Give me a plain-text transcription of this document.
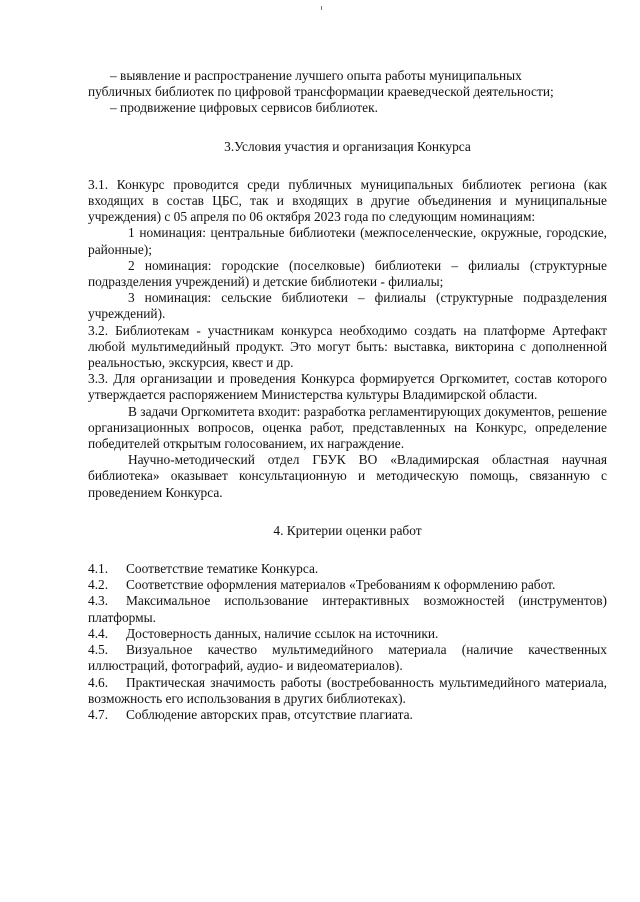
– выявление и распространение лучшего опыта работы муниципальных

публичных библиотек по цифровой трансформации краеведческой деятельности;

– продвижение цифровых сервисов библиотек.

3.Условия участия и организация Конкурса

3.1. Конкурс проводится среди публичных муниципальных библиотек региона (как входящих в состав ЦБС, так и входящих в другие объединения и муниципальные учреждения) с 05 апреля по 06 октября 2023 года по следующим номинациям:

1 номинация: центральные библиотеки (межпоселенческие, окружные, городские, районные);

2 номинация: городские (поселковые) библиотеки – филиалы (структурные подразделения учреждений) и детские библиотеки - филиалы;

3 номинация: сельские библиотеки – филиалы (структурные подразделения учреждений).

3.2. Библиотекам - участникам конкурса необходимо создать на платформе Артефакт любой мультимедийный продукт. Это могут быть: выставка, викторина с дополненной реальностью, экскурсия, квест и др.

3.3. Для организации и проведения Конкурса формируется Оргкомитет, состав которого утверждается распоряжением Министерства культуры Владимирской области.

В задачи Оргкомитета входит: разработка регламентирующих документов, решение организационных вопросов, оценка работ, представленных на Конкурс, определение победителей открытым голосованием, их награждение.

Научно-методический отдел ГБУК ВО «Владимирская областная научная библиотека» оказывает консультационную и методическую помощь, связанную с проведением Конкурса.

4. Критерии оценки работ

4.1. Соответствие тематике Конкурса.

4.2. Соответствие оформления материалов «Требованиям к оформлению работ.

4.3. Максимальное использование интерактивных возможностей (инструментов) платформы.

4.4. Достоверность данных, наличие ссылок на источники.

4.5. Визуальное качество мультимедийного материала (наличие качественных иллюстраций, фотографий, аудио- и видеоматериалов).

4.6. Практическая значимость работы (востребованность мультимедийного материала, возможность его использования в других библиотеках).

4.7. Соблюдение авторских прав, отсутствие плагиата.
